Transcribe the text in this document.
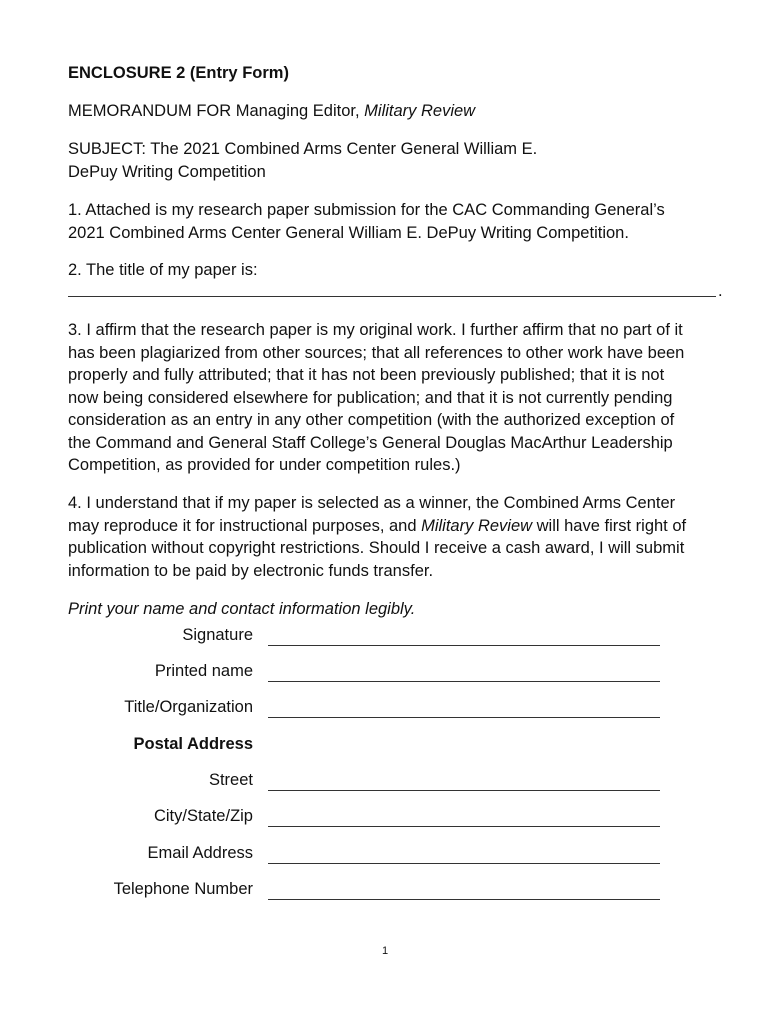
ENCLOSURE 2 (Entry Form)

MEMORANDUM FOR Managing Editor, Military Review

SUBJECT: The 2021 Combined Arms Center General William E.
DePuy Writing Competition

1. Attached is my research paper submission for the CAC Commanding General’s
2021 Combined Arms Center General William E. DePuy Writing Competition.

2. The title of my paper is:
.

3. I affirm that the research paper is my original work. I further affirm that no part of it
has been plagiarized from other sources; that all references to other work have been
properly and fully attributed; that it has not been previously published; that it is not
now being considered elsewhere for publication; and that it is not currently pending
consideration as an entry in any other competition (with the authorized exception of
the Command and General Staff College’s General Douglas MacArthur Leadership
Competition, as provided for under competition rules.)

4. I understand that if my paper is selected as a winner, the Combined Arms Center
may reproduce it for instructional purposes, and Military Review will have first right of
publication without copyright restrictions. Should I receive a cash award, I will submit
information to be paid by electronic funds transfer.

Print your name and contact information legibly.

Signature
Printed name
Title/Organization
Postal Address
Street
City/State/Zip
Email Address
Telephone Number
1
